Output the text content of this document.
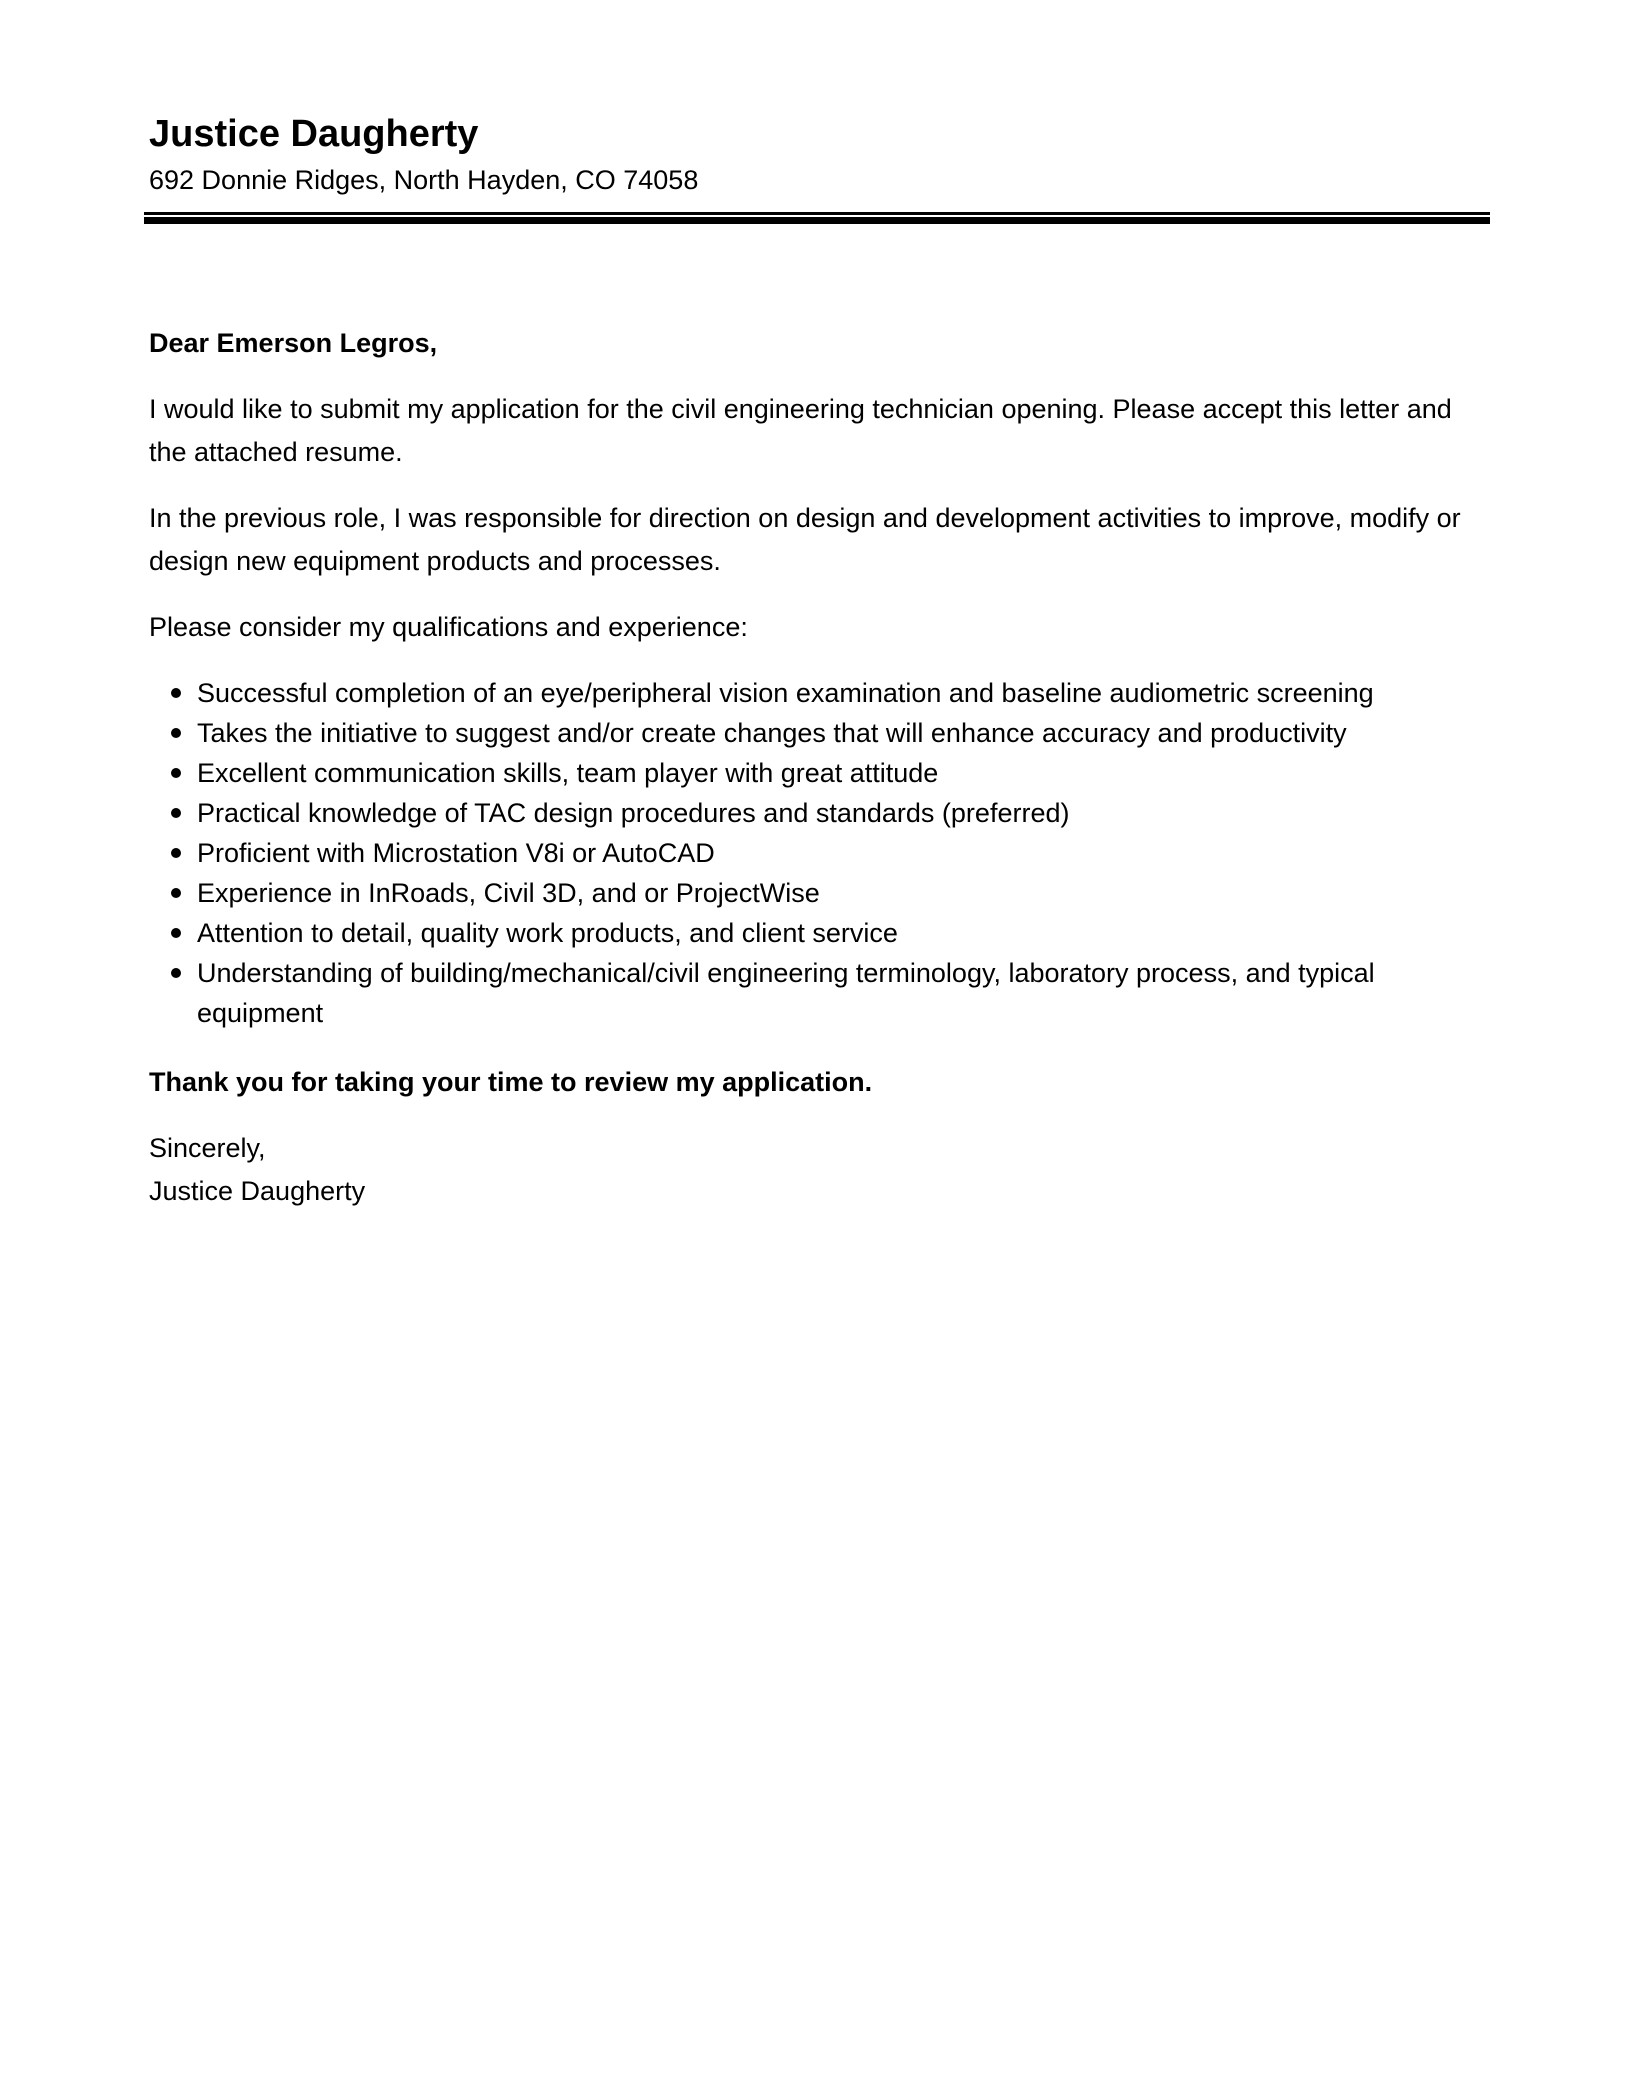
Justice Daugherty

692 Donnie Ridges, North Hayden, CO 74058

Dear Emerson Legros,

I would like to submit my application for the civil engineering technician opening. Please accept this letter and the attached resume.

In the previous role, I was responsible for direction on design and development activities to improve, modify or design new equipment products and processes.

Please consider my qualifications and experience:

Successful completion of an eye/peripheral vision examination and baseline audiometric screening
Takes the initiative to suggest and/or create changes that will enhance accuracy and productivity
Excellent communication skills, team player with great attitude
Practical knowledge of TAC design procedures and standards (preferred)
Proficient with Microstation V8i or AutoCAD
Experience in InRoads, Civil 3D, and or ProjectWise
Attention to detail, quality work products, and client service
Understanding of building/mechanical/civil engineering terminology, laboratory process, and typical equipment

Thank you for taking your time to review my application.

Sincerely,

Justice Daugherty
